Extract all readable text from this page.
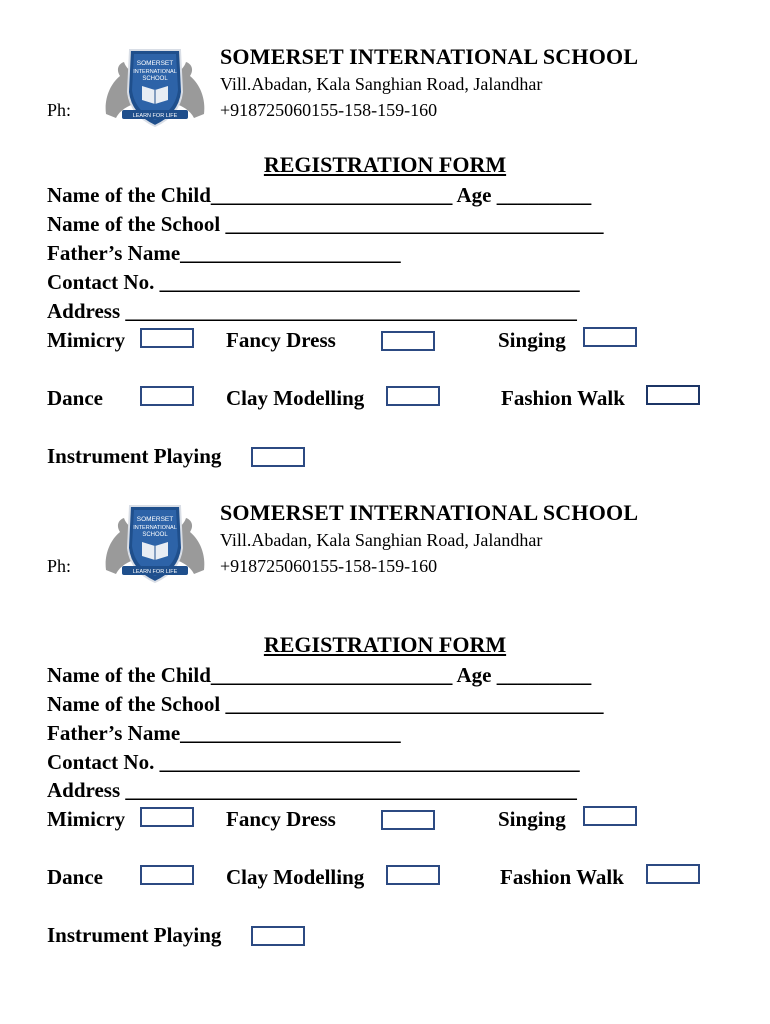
SOMERSET
INTERNATIONAL
SCHOOL
LEARN FOR LIFE
SOMERSET INTERNATIONAL SCHOOL
Vill.Abadan, Kala Sanghian Road, Jalandhar
Ph:	+918725060155-158-159-160
REGISTRATION FORM
Name of the Child_______________________ Age _________
Name of the School ____________________________________
Father’s Name_____________________
Contact No. ________________________________________
Address ___________________________________________
Mimicry	Fancy Dress	Singing
Dance	Clay Modelling	Fashion Walk
Instrument Playing
SOMERSET
INTERNATIONAL
SCHOOL
LEARN FOR LIFE
SOMERSET INTERNATIONAL SCHOOL
Vill.Abadan, Kala Sanghian Road, Jalandhar
Ph:	+918725060155-158-159-160
REGISTRATION FORM
Name of the Child_______________________ Age _________
Name of the School ____________________________________
Father’s Name_____________________
Contact No. ________________________________________
Address ___________________________________________
Mimicry	Fancy Dress	Singing
Dance	Clay Modelling	Fashion Walk
Instrument Playing
